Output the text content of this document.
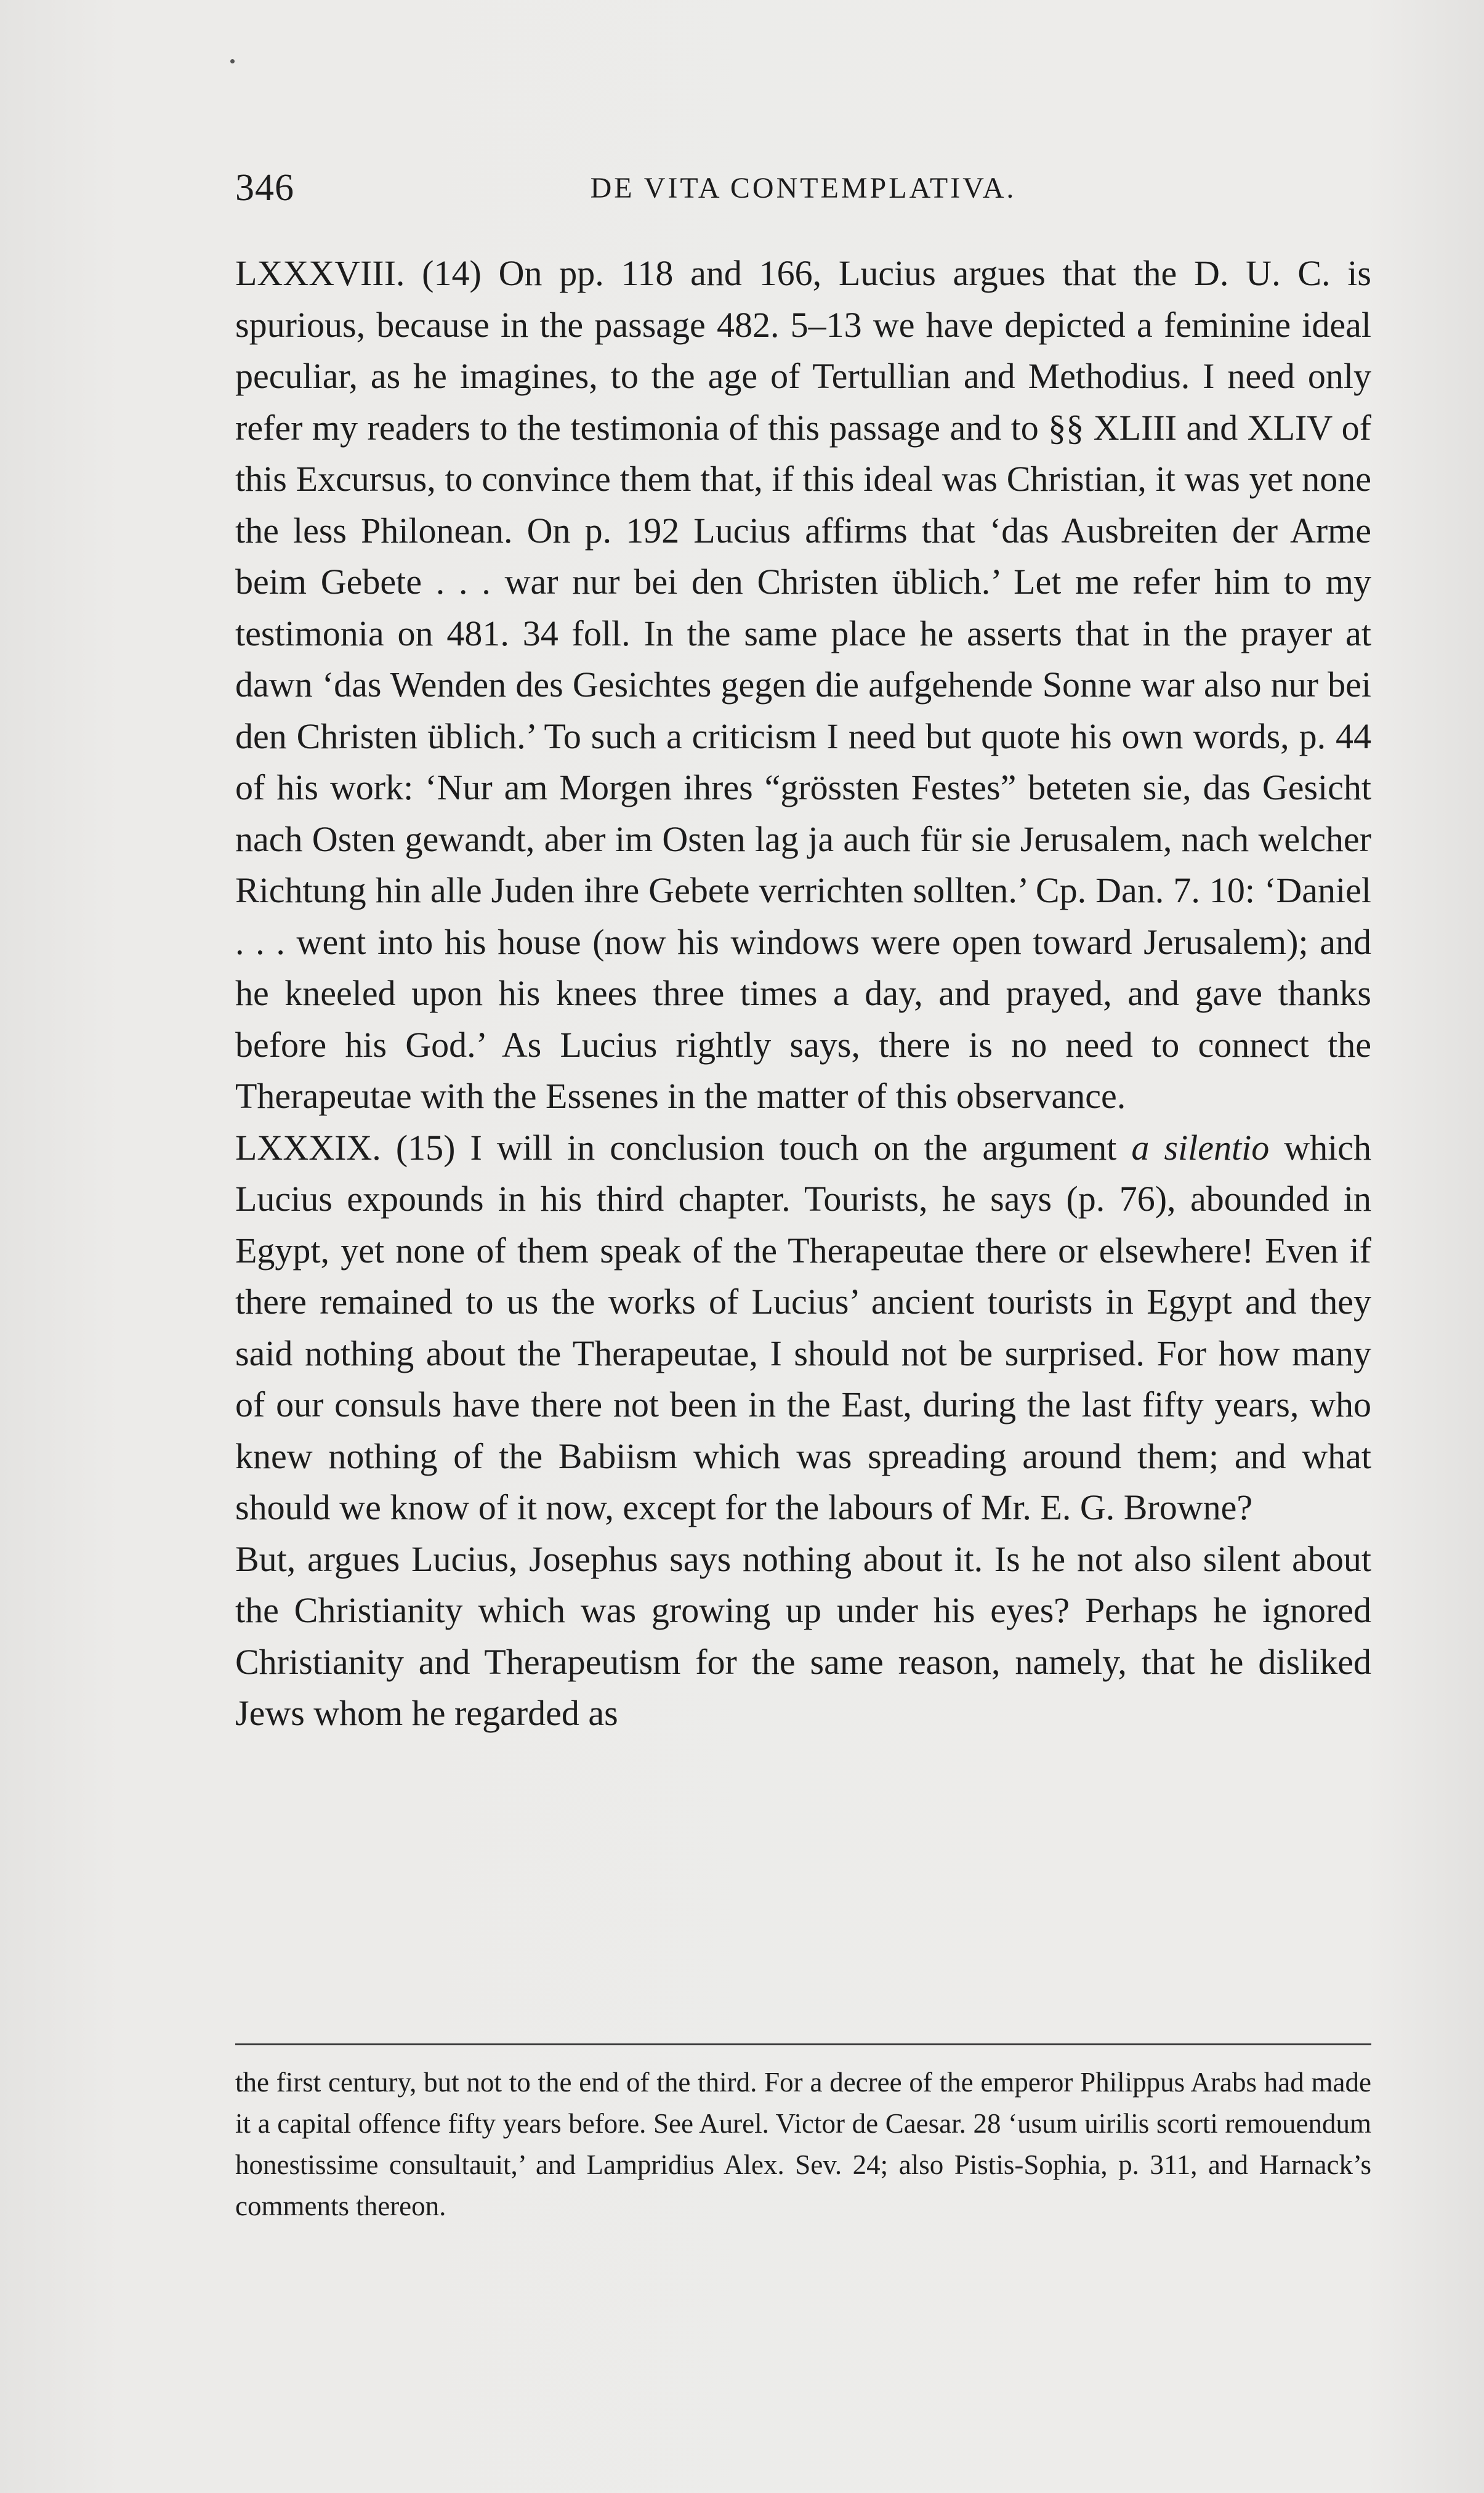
346	DE VITA CONTEMPLATIVA.

LXXXVIII. (14) On pp. 118 and 166, Lucius argues that the D. U. C. is spurious, because in the passage 482. 5–13 we have depicted a feminine ideal peculiar, as he imagines, to the age of Tertullian and Methodius. I need only refer my readers to the testimonia of this passage and to §§ XLIII and XLIV of this Excursus, to convince them that, if this ideal was Christian, it was yet none the less Philonean. On p. 192 Lucius affirms that ‘das Ausbreiten der Arme beim Gebete . . . war nur bei den Christen üblich.’ Let me refer him to my testimonia on 481. 34 foll. In the same place he asserts that in the prayer at dawn ‘das Wenden des Gesichtes gegen die aufgehende Sonne war also nur bei den Christen üblich.’ To such a criticism I need but quote his own words, p. 44 of his work: ‘Nur am Morgen ihres “grössten Festes” beteten sie, das Gesicht nach Osten gewandt, aber im Osten lag ja auch für sie Jerusalem, nach welcher Richtung hin alle Juden ihre Gebete verrichten sollten.’ Cp. Dan. 7. 10: ‘Daniel . . . went into his house (now his windows were open toward Jerusalem); and he kneeled upon his knees three times a day, and prayed, and gave thanks before his God.’ As Lucius rightly says, there is no need to connect the Therapeutae with the Essenes in the matter of this observance.

LXXXIX. (15) I will in conclusion touch on the argument a silentio which Lucius expounds in his third chapter. Tourists, he says (p. 76), abounded in Egypt, yet none of them speak of the Therapeutae there or elsewhere! Even if there remained to us the works of Lucius’ ancient tourists in Egypt and they said nothing about the Therapeutae, I should not be surprised. For how many of our consuls have there not been in the East, during the last fifty years, who knew nothing of the Babiism which was spreading around them; and what should we know of it now, except for the labours of Mr. E. G. Browne?

But, argues Lucius, Josephus says nothing about it. Is he not also silent about the Christianity which was growing up under his eyes? Perhaps he ignored Christianity and Therapeutism for the same reason, namely, that he disliked Jews whom he regarded as

the first century, but not to the end of the third. For a decree of the emperor Philippus Arabs had made it a capital offence fifty years before. See Aurel. Victor de Caesar. 28 ‘usum uirilis scorti remouendum honestissime consultauit,’ and Lampridius Alex. Sev. 24; also Pistis-Sophia, p. 311, and Harnack’s comments thereon.
